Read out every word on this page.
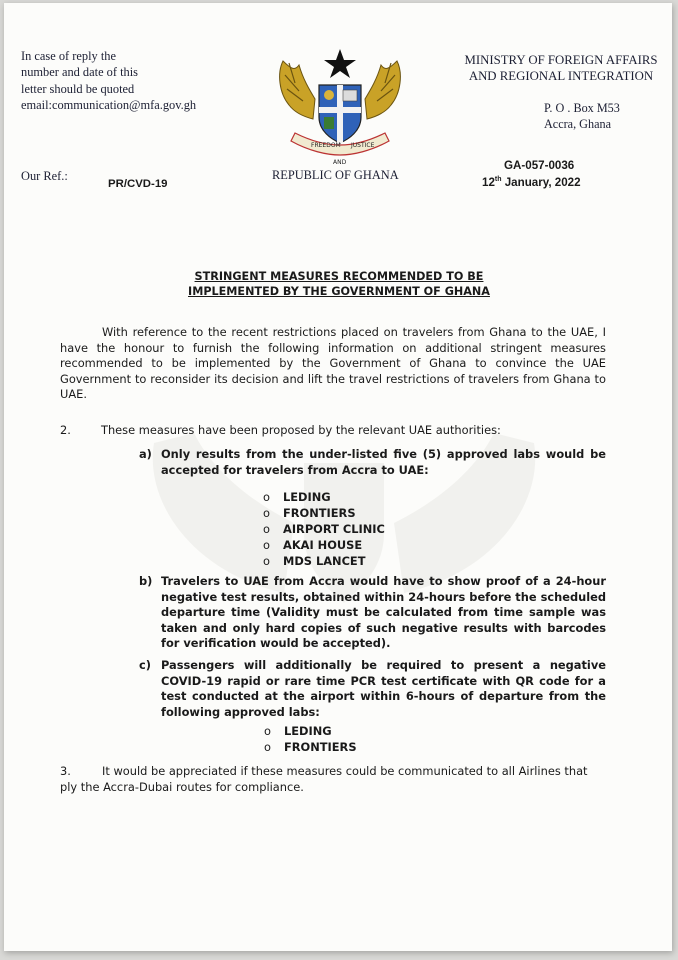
In case of reply the
number and date of this
letter should be quoted
email:communication@mfa.gov.gh
FREEDOM JUSTICE
AND
MINISTRY OF FOREIGN AFFAIRS
AND REGIONAL INTEGRATION
P. O . Box M53
Accra, Ghana
Our Ref.:
PR/CVD-19
REPUBLIC OF GHANA
GA-057-0036
12th January, 2022
STRINGENT MEASURES RECOMMENDED TO BE
IMPLEMENTED BY THE GOVERNMENT OF GHANA

With reference to the recent restrictions placed on travelers from Ghana to the UAE, I have the honour to furnish the following information on additional stringent measures recommended to be implemented by the Government of Ghana to convince the UAE Government to reconsider its decision and lift the travel restrictions of travelers from Ghana to UAE.

2.	These measures have been proposed by the relevant UAE authorities:
a) Only results from the under-listed five (5) approved labs would be accepted for travelers from Accra to UAE:
o LEDING
o FRONTIERS
o AIRPORT CLINIC
o AKAI HOUSE
o MDS LANCET
b) Travelers to UAE from Accra would have to show proof of a 24-hour negative test results, obtained within 24-hours before the scheduled departure time (Validity must be calculated from time sample was taken and only hard copies of such negative results with barcodes for verification would be accepted).
c) Passengers will additionally be required to present a negative COVID-19 rapid or rare time PCR test certificate with QR code for a test conducted at the airport within 6-hours of departure from the following approved labs:
o LEDING
o FRONTIERS

3.	It would be appreciated if these measures could be communicated to all Airlines that ply the Accra-Dubai routes for compliance.
